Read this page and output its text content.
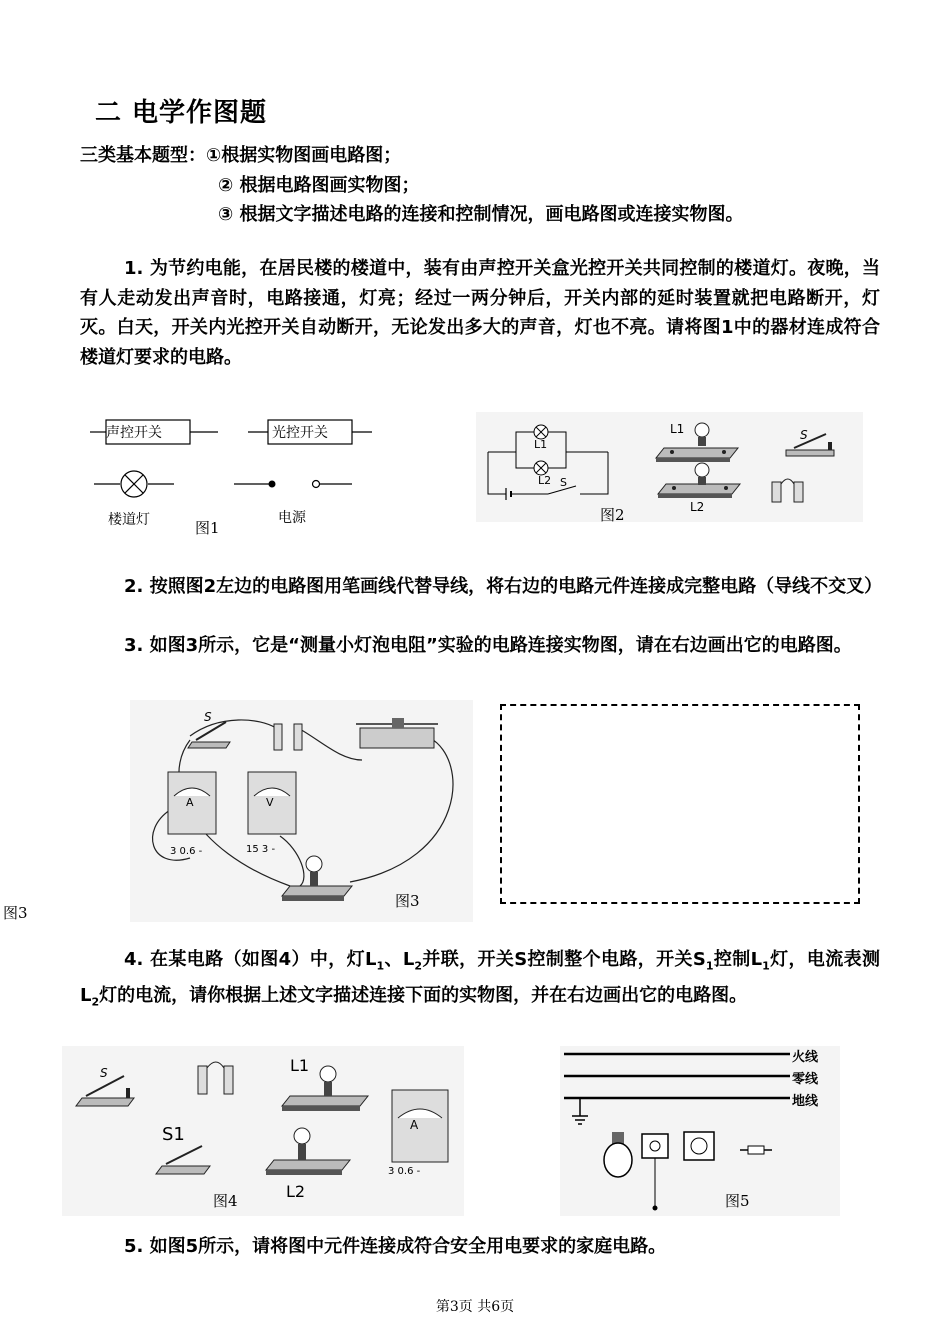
二 电学作图题
三类基本题型：①根据实物图画电路图；
② 根据电路图画实物图；
③ 根据文字描述电路的连接和控制情况，画电路图或连接实物图。
1. 为节约电能，在居民楼的楼道中，装有由声控开关盒光控开关共同控制的楼道灯。夜晚，当有人走动发出声音时，电路接通，灯亮；经过一两分钟后，开关内部的延时装置就把电路断开，灯灭。白天，开关内光控开关自动断开，无论发出多大的声音，灯也不亮。请将图1中的器材连成符合楼道灯要求的电路。
声控开关	光控开关
楼道灯	电源
图1
L1
L2 S
L1
L2
S
图2
2. 按照图2左边的电路图用笔画线代替导线，将右边的电路元件连接成完整电路（导线不交叉）
3. 如图3所示，它是“测量小灯泡电阻”实验的电路连接实物图，请在右边画出它的电路图。
S
A	V
3 0.6 -	15 3 -
图3
图3
4. 在某电路（如图4）中，灯$L_1$、$L_2$并联，开关S控制整个电路，开关$S_1$控制$L_1$灯，电流表测$L_2$灯的电流，请你根据上述文字描述连接下面的实物图，并在右边画出它的电路图。
S
S1
L1
L2
A
3 0.6 -
图4
火线
零线
地线
图5
5. 如图5所示，请将图中元件连接成符合安全用电要求的家庭电路。
第3页 共6页
